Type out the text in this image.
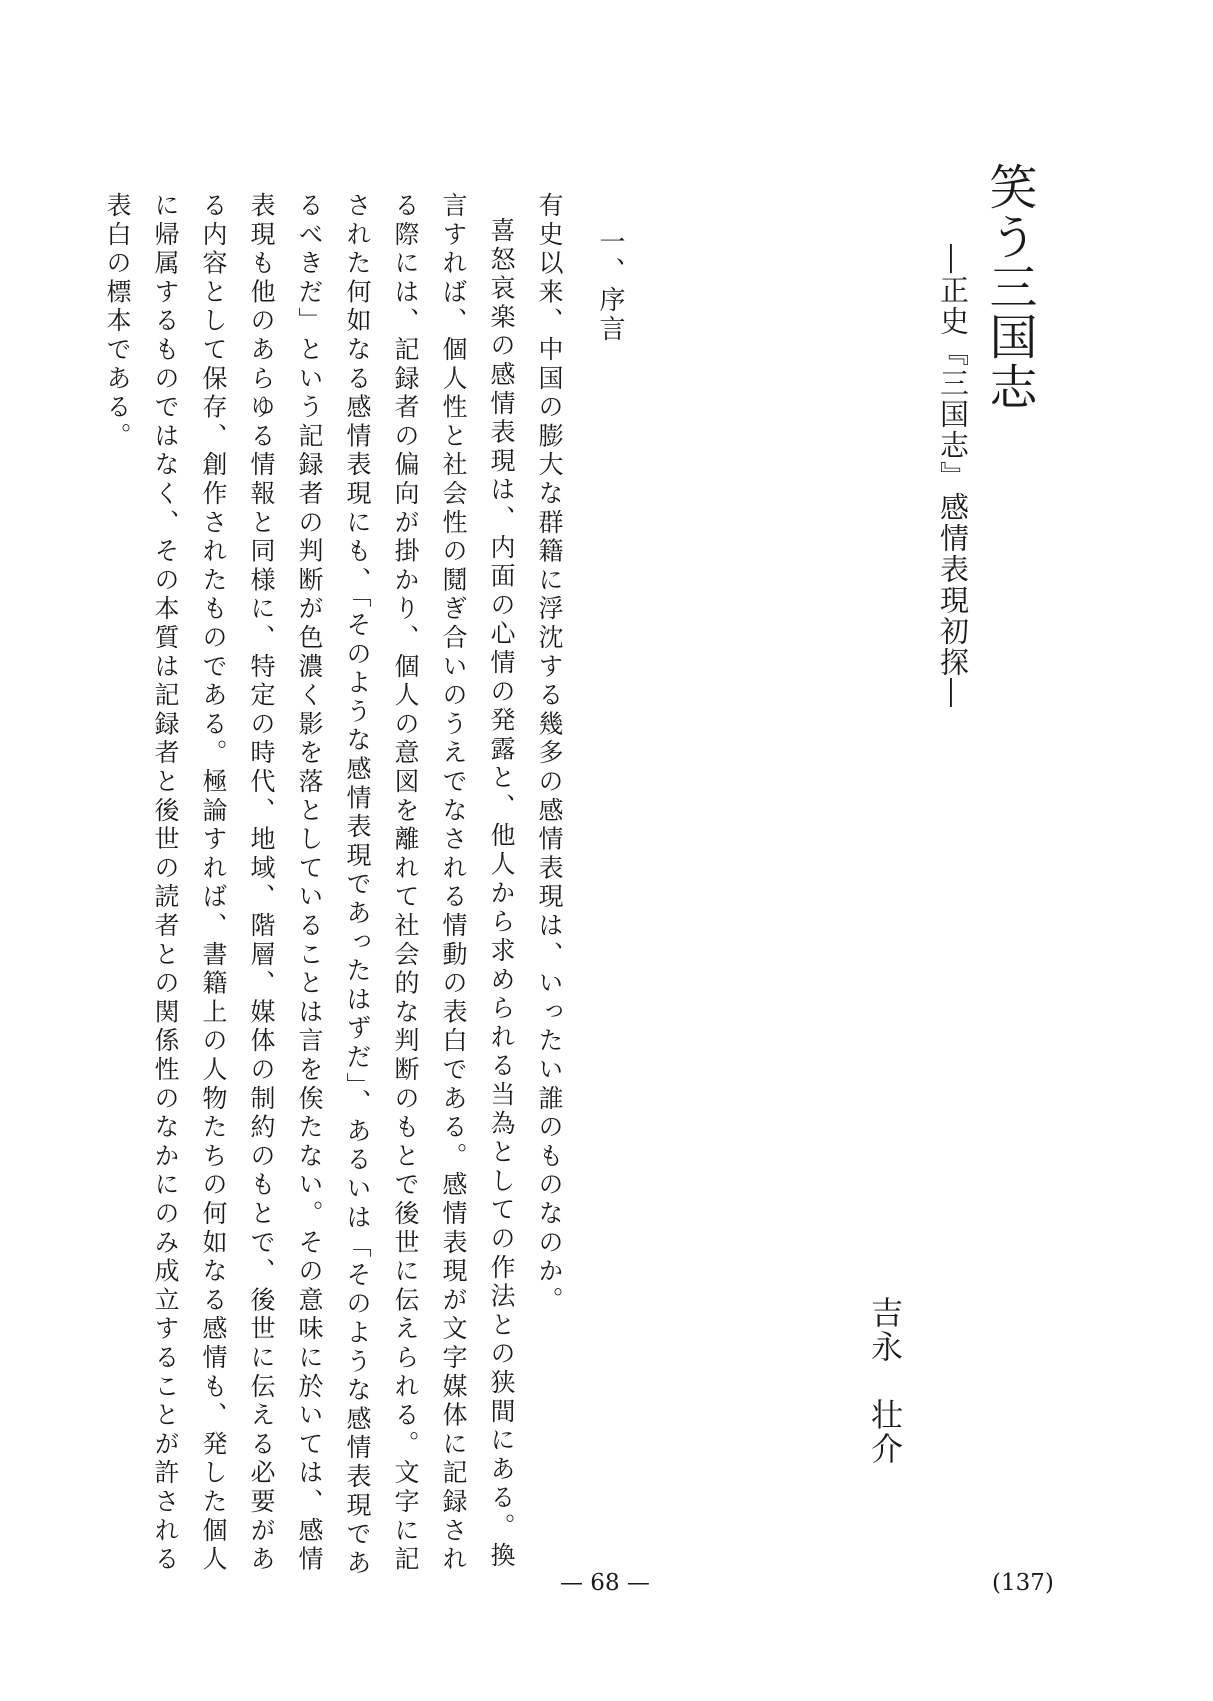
笑う三国志
―正史『三国志』感情表現初探―
吉永　壮介
一、序言

有史以来、中国の膨大な群籍に浮沈する幾多の感情表現は、いったい誰のものなのか。

喜怒哀楽の感情表現は、内面の心情の発露と、他人から求められる当為としての作法との狭間にある。換言すれば、個人性と社会性の鬩ぎ合いのうえでなされる情動の表白である。感情表現が文字媒体に記録される際には、記録者の偏向が掛かり、個人の意図を離れて社会的な判断のもとで後世に伝えられる。文字に記された何如なる感情表現にも、「そのような感情表現であったはずだ」、あるいは「そのような感情表現であるべきだ」という記録者の判断が色濃く影を落としていることは言を俟たない。その意味に於いては、感情表現も他のあらゆる情報と同様に、特定の時代、地域、階層、媒体の制約のもとで、後世に伝える必要がある内容として保存、創作されたものである。極論すれば、書籍上の人物たちの何如なる感情も、発した個人に帰属するものではなく、その本質は記録者と後世の読者との関係性のなかにのみ成立することが許される表白の標本である。

— 68 —	(137)
